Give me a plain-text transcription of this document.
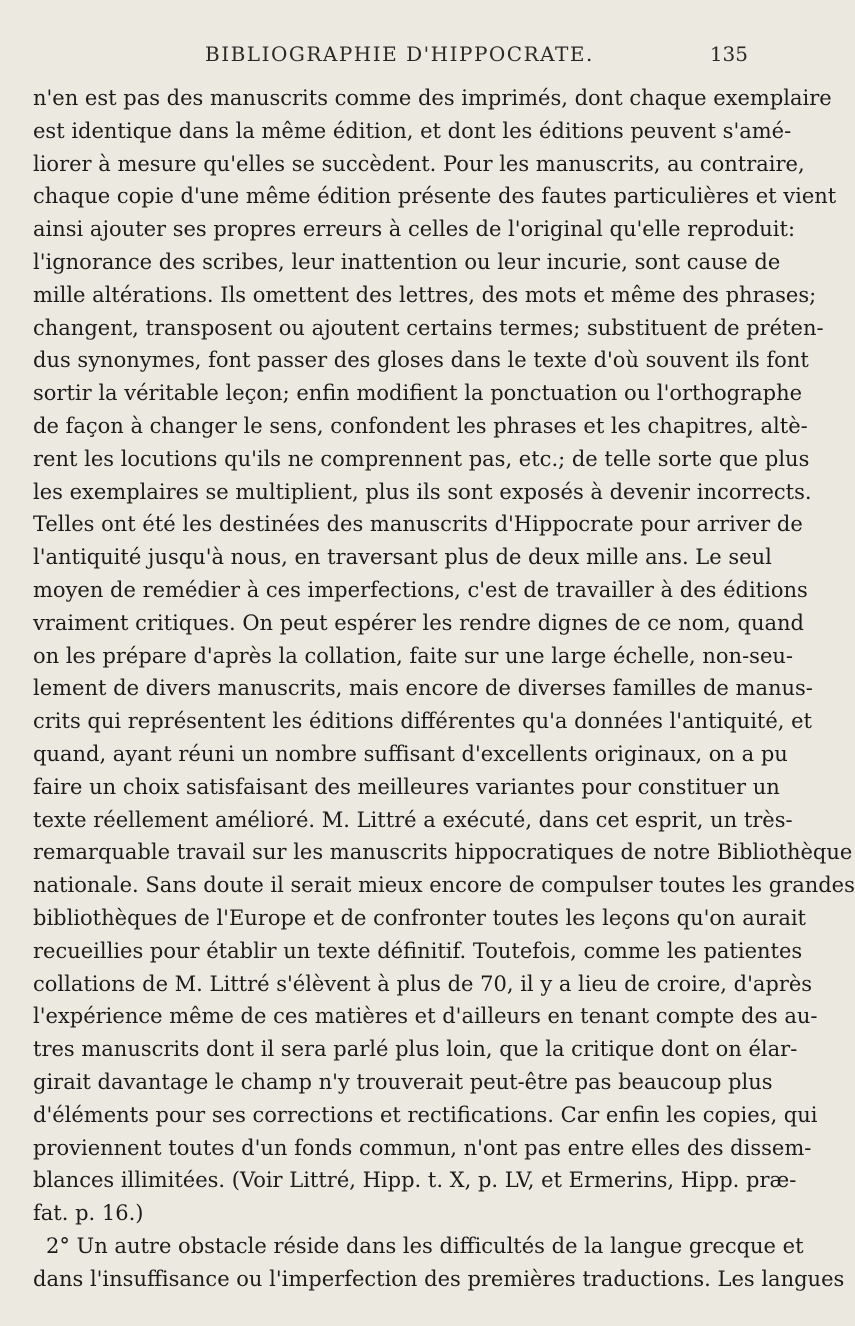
BIBLIOGRAPHIE D'HIPPOCRATE.	135
n'en est pas des manuscrits comme des imprimés, dont chaque exemplaire
est identique dans la même édition, et dont les éditions peuvent s'amé-
liorer à mesure qu'elles se succèdent. Pour les manuscrits, au contraire,
chaque copie d'une même édition présente des fautes particulières et vient
ainsi ajouter ses propres erreurs à celles de l'original qu'elle reproduit:
l'ignorance des scribes, leur inattention ou leur incurie, sont cause de
mille altérations. Ils omettent des lettres, des mots et même des phrases;
changent, transposent ou ajoutent certains termes; substituent de préten-
dus synonymes, font passer des gloses dans le texte d'où souvent ils font
sortir la véritable leçon; enfin modifient la ponctuation ou l'orthographe
de façon à changer le sens, confondent les phrases et les chapitres, altè-
rent les locutions qu'ils ne comprennent pas, etc.; de telle sorte que plus
les exemplaires se multiplient, plus ils sont exposés à devenir incorrects.
Telles ont été les destinées des manuscrits d'Hippocrate pour arriver de
l'antiquité jusqu'à nous, en traversant plus de deux mille ans. Le seul
moyen de remédier à ces imperfections, c'est de travailler à des éditions
vraiment critiques. On peut espérer les rendre dignes de ce nom, quand
on les prépare d'après la collation, faite sur une large échelle, non-seu-
lement de divers manuscrits, mais encore de diverses familles de manus-
crits qui représentent les éditions différentes qu'a données l'antiquité, et
quand, ayant réuni un nombre suffisant d'excellents originaux, on a pu
faire un choix satisfaisant des meilleures variantes pour constituer un
texte réellement amélioré. M. Littré a exécuté, dans cet esprit, un très-
remarquable travail sur les manuscrits hippocratiques de notre Bibliothèque
nationale. Sans doute il serait mieux encore de compulser toutes les grandes
bibliothèques de l'Europe et de confronter toutes les leçons qu'on aurait
recueillies pour établir un texte définitif. Toutefois, comme les patientes
collations de M. Littré s'élèvent à plus de 70, il y a lieu de croire, d'après
l'expérience même de ces matières et d'ailleurs en tenant compte des au-
tres manuscrits dont il sera parlé plus loin, que la critique dont on élar-
girait davantage le champ n'y trouverait peut-être pas beaucoup plus
d'éléments pour ses corrections et rectifications. Car enfin les copies, qui
proviennent toutes d'un fonds commun, n'ont pas entre elles des dissem-
blances illimitées. (Voir Littré, Hipp. t. X, p. LV, et Ermerins, Hipp. præ-
fat. p. 16.)
2° Un autre obstacle réside dans les difficultés de la langue grecque et
dans l'insuffisance ou l'imperfection des premières traductions. Les langues
